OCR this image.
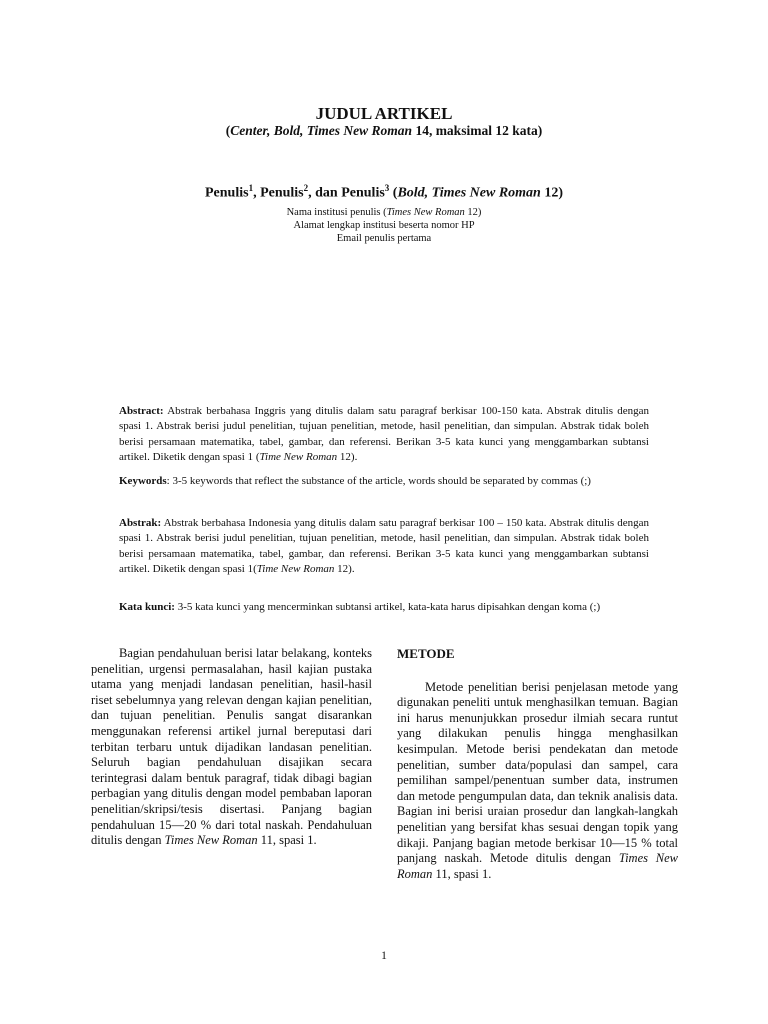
JUDUL ARTIKEL
(Center, Bold, Times New Roman 14, maksimal 12 kata)
Penulis$^1$, Penulis$^2$, dan Penulis$^3$ (Bold, Times New Roman 12)
Nama institusi penulis (Times New Roman 12)
Alamat lengkap institusi beserta nomor HP
Email penulis pertama
Abstract: Abstrak berbahasa Inggris yang ditulis dalam satu paragraf berkisar 100-150 kata. Abstrak ditulis dengan spasi 1. Abstrak berisi judul penelitian, tujuan penelitian, metode, hasil penelitian, dan simpulan. Abstrak tidak boleh berisi persamaan matematika, tabel, gambar, dan referensi. Berikan 3-5 kata kunci yang menggambarkan subtansi artikel. Diketik dengan spasi 1 (Time New Roman 12).
Keywords: 3-5 keywords that reflect the substance of the article, words should be separated by commas (;)
Abstrak: Abstrak berbahasa Indonesia yang ditulis dalam satu paragraf berkisar 100 – 150 kata. Abstrak ditulis dengan spasi 1. Abstrak berisi judul penelitian, tujuan penelitian, metode, hasil penelitian, dan simpulan. Abstrak tidak boleh berisi persamaan matematika, tabel, gambar, dan referensi. Berikan 3-5 kata kunci yang menggambarkan subtansi artikel. Diketik dengan spasi 1(Time New Roman 12).
Kata kunci: 3-5 kata kunci yang mencerminkan subtansi artikel, kata-kata harus dipisahkan dengan koma (;)

Bagian pendahuluan berisi latar belakang, konteks penelitian, urgensi permasalahan, hasil kajian pustaka utama yang menjadi landasan penelitian, hasil-hasil riset sebelumnya yang relevan dengan kajian penelitian, dan tujuan penelitian. Penulis sangat disarankan menggunakan referensi artikel jurnal bereputasi dari terbitan terbaru untuk dijadikan landasan penelitian. Seluruh bagian pendahuluan disajikan secara terintegrasi dalam bentuk paragraf, tidak dibagi bagian perbagian yang ditulis dengan model pembaban laporan penelitian/skripsi/tesis disertasi. Panjang bagian pendahuluan 15—20 % dari total naskah. Pendahuluan ditulis dengan Times New Roman 11, spasi 1.

METODE

Metode penelitian berisi penjelasan metode yang digunakan peneliti untuk menghasilkan temuan. Bagian ini harus menunjukkan prosedur ilmiah secara runtut yang dilakukan penulis hingga menghasilkan kesimpulan. Metode berisi pendekatan dan metode penelitian, sumber data/populasi dan sampel, cara pemilihan sampel/penentuan sumber data, instrumen dan metode pengumpulan data, dan teknik analisis data. Bagian ini berisi uraian prosedur dan langkah-langkah penelitian yang bersifat khas sesuai dengan topik yang dikaji. Panjang bagian metode berkisar 10—15 % total panjang naskah. Metode ditulis dengan Times New Roman 11, spasi 1.

1
